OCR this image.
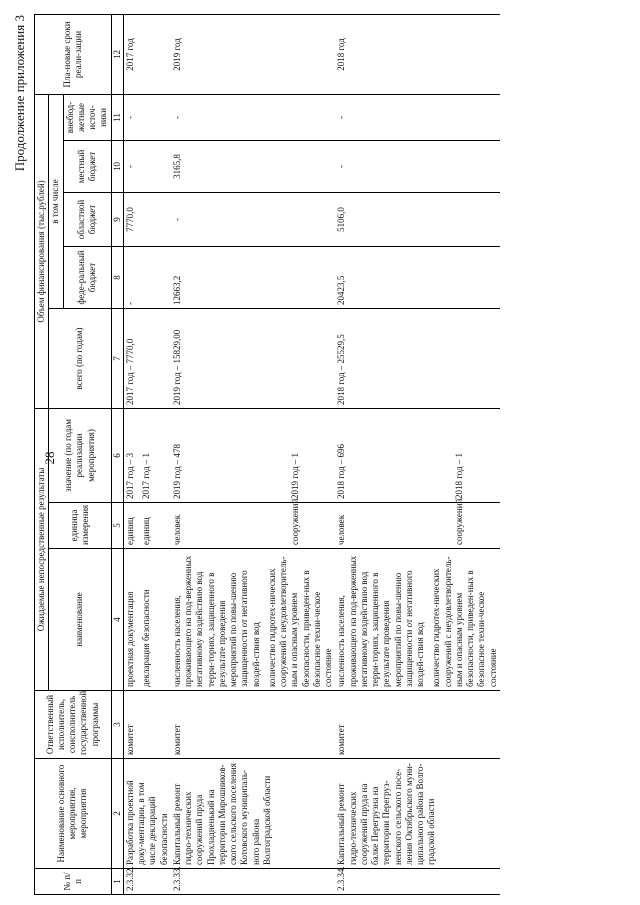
28
Продолжение приложения 3
№ п/п	Наименование основного мероприятия, мероприятия	Ответственный исполнитель, соисполнитель государственной программы	Ожидаемые непосредственные результаты			Объем финансирования (тыс.рублей)					Пла-новые сроки реали-зации
			наименование	единица измерения	значение (по годам реализации мероприятия)	всего (по годам)	в том числе				
							феде-ральный бюджет	областной бюджет	местный бюджет	внебюд-жетные источ-ники	
1	2	3	4	5	6	7	8	9	10	11	12
2.3.32.	Разработка проектной доку-ментации, в том числе деклараций безопасности	комитет	проектная документация декларация безопасности	единиц единиц	2017 год – 3 2017 год – 1	2017 год – 7770,0	-	7770,0	-	-	2017 год
2.3.33.	Капитальный ремонт гидро-технических сооружений пруда Прохладненький на территории Мирошников-ского сельского поселения Котовского муниципаль-ного района Волгоградской области	комитет	численность населения, проживающего на под-верженных негативному воздействию вод терри-ториях, защищенного в результате проведения мероприятий по повы-шению защищенности от негативного воздей-ствия вод количество гидротех-нических сооружений с неудовлетворитель-ным и опасным уровнем безопасности, приведен-ных в безопасное техни-ческое состояние	человек сооружений	2019 год – 478 2019 год – 1	2019 год – 15829,00	12663,2	-	3165,8	-	2019 год
2.3.34.	Капитальный ремонт гидро-технических сооружений пруда на балке Перегрузна на территории Перегруз-ненского сельского посе-ления Октябрьского муни-ципального района Волго-градской области	комитет	численность населения, проживающего на под-верженных негативному воздействию вод терри-ториях, защищенного в результате проведения мероприятий по повы-шению защищенности от негативного воздей-ствия вод количество гидротех-нических сооружений с неудовлетворитель-ным и опасным уровнем безопасности, приведен-ных в безопасное техни-ческое состояние	человек сооружений	2018 год – 696 2018 год – 1	2018 год – 25529,5	20423,5	5106,0	-	-	2018 год
